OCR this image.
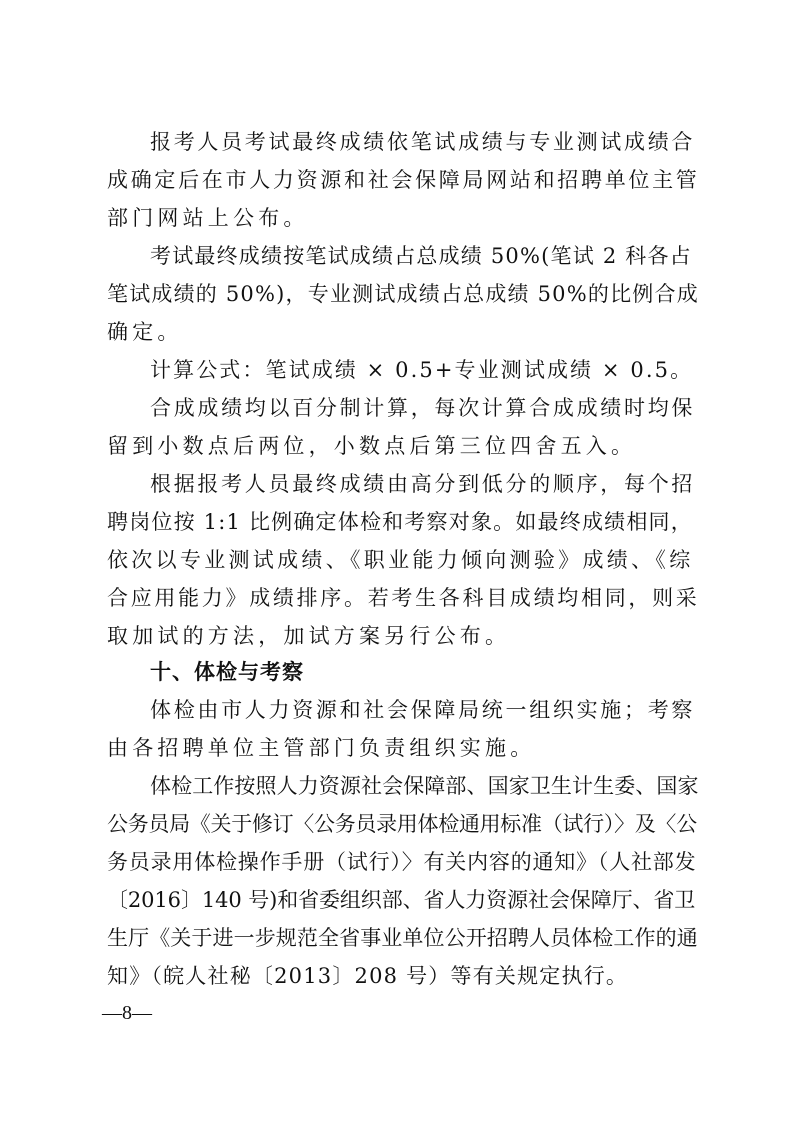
报考人员考试最终成绩依笔试成绩与专业测试成绩合
成确定后在市人力资源和社会保障局网站和招聘单位主管
部门网站上公布。
考试最终成绩按笔试成绩占总成绩 50%(笔试 2 科各占
笔试成绩的 50%)，专业测试成绩占总成绩 50%的比例合成
确定。
计算公式：笔试成绩 × 0.5+专业测试成绩 × 0.5。
合成成绩均以百分制计算，每次计算合成成绩时均保
留到小数点后两位，小数点后第三位四舍五入。
根据报考人员最终成绩由高分到低分的顺序，每个招
聘岗位按 1:1 比例确定体检和考察对象。如最终成绩相同，
依次以专业测试成绩、《职业能力倾向测验》成绩、《综
合应用能力》成绩排序。若考生各科目成绩均相同，则采
取加试的方法，加试方案另行公布。
十、体检与考察
体检由市人力资源和社会保障局统一组织实施；考察
由各招聘单位主管部门负责组织实施。
体检工作按照人力资源社会保障部、国家卫生计生委、国家
公务员局《关于修订〈公务员录用体检通用标准（试行）〉及〈公
务员录用体检操作手册（试行）〉有关内容的通知》（人社部发
〔2016〕140 号)和省委组织部、省人力资源社会保障厅、省卫
生厅《关于进一步规范全省事业单位公开招聘人员体检工作的通
知》（皖人社秘〔2013〕208 号）等有关规定执行。
—8—
